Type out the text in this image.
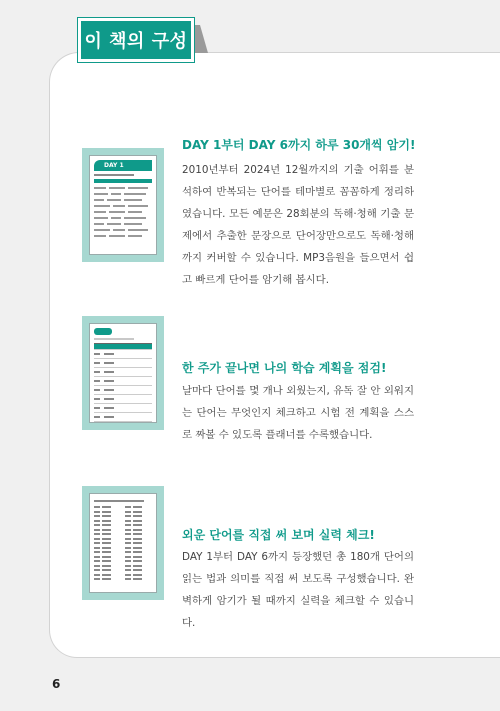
이 책의 구성
DAY 1
DAY 1부터 DAY 6까지 하루 30개씩 암기!
2010년부터 2024년 12월까지의 기출 어휘를 분석하여 반복되는 단어를 테마별로 꼼꼼하게 정리하였습니다. 모든 예문은 28회분의 독해·청해 기출 문제에서 추출한 문장으로 단어장만으로도 독해·청해까지 커버할 수 있습니다. MP3음원을 들으면서 쉽고 빠르게 단어를 암기해 봅시다.
한 주가 끝나면 나의 학습 계획을 점검!
날마다 단어를 몇 개나 외웠는지, 유독 잘 안 외워지는 단어는 무엇인지 체크하고 시험 전 계획을 스스로 짜볼 수 있도록 플래너를 수록했습니다.
외운 단어를 직접 써 보며 실력 체크!
DAY 1부터 DAY 6까지 등장했던 총 180개 단어의 읽는 법과 의미를 직접 써 보도록 구성했습니다. 완벽하게 암기가 될 때까지 실력을 체크할 수 있습니다.
6
